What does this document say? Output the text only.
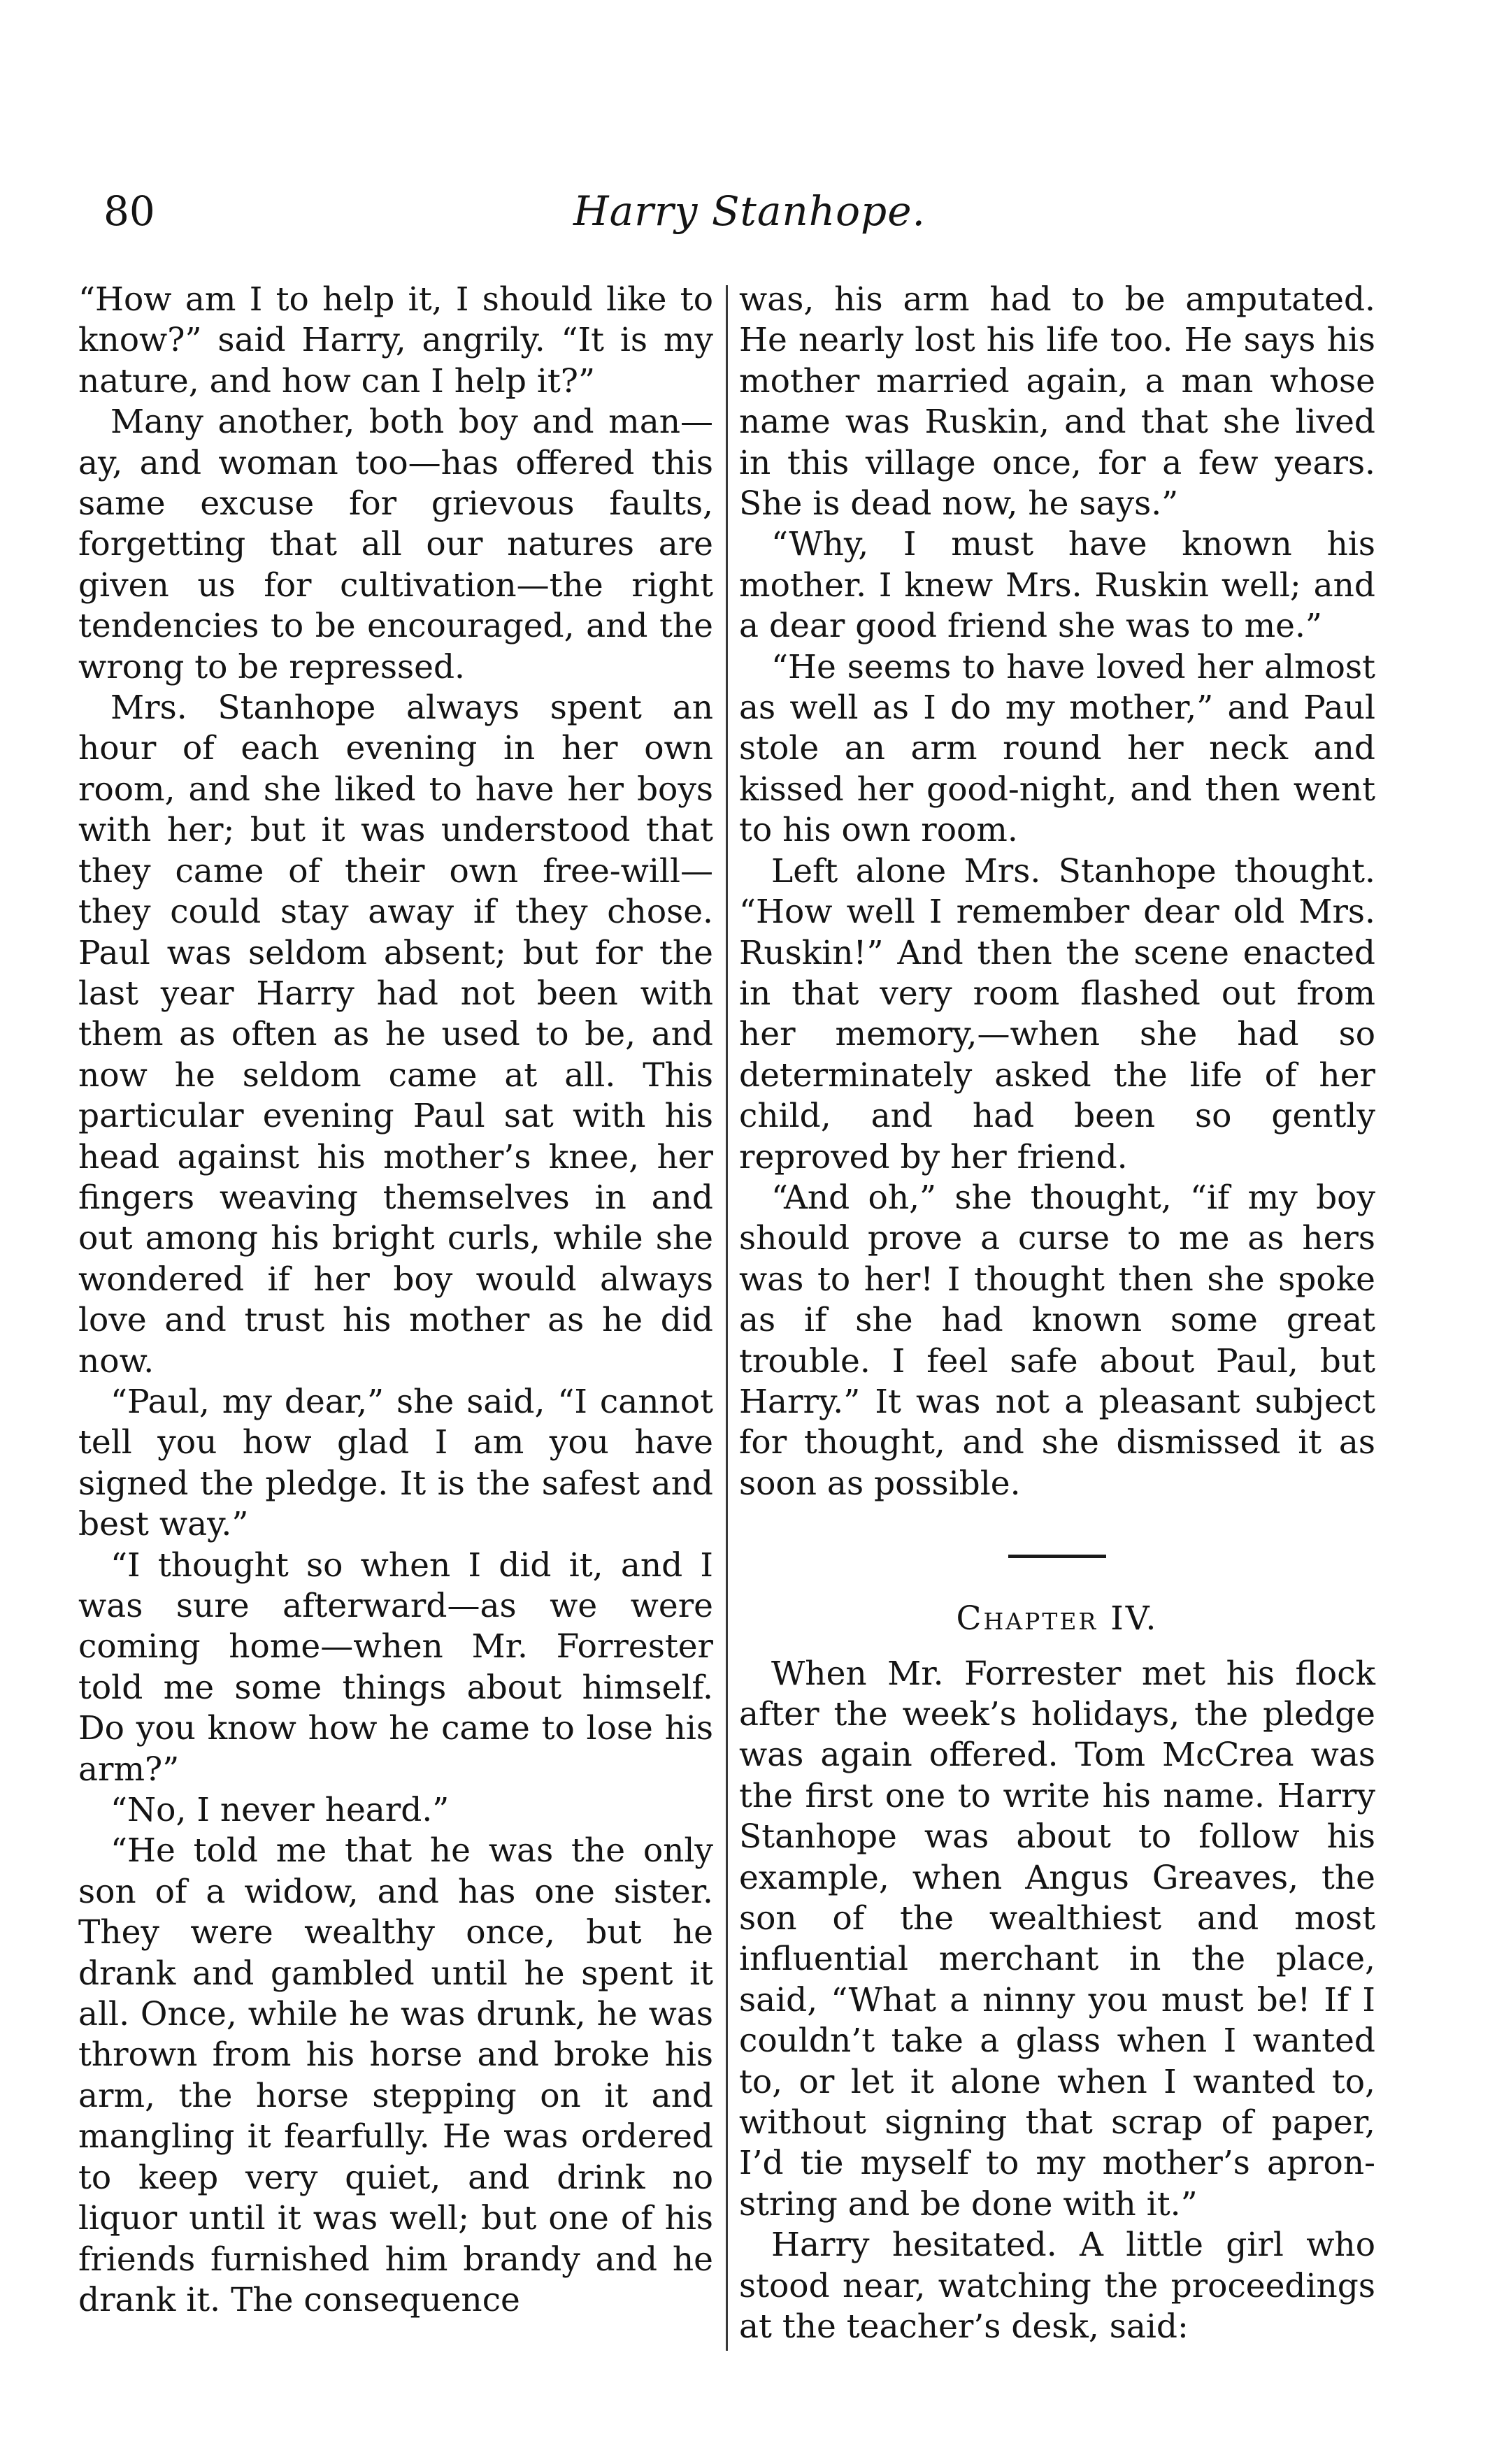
80	Harry Stanhope.

“How am I to help it, I should like to know?” said Harry, angrily. “It is my nature, and how can I help it?”

Many another, both boy and man—ay, and woman too—has offered this same excuse for grievous faults, forgetting that all our natures are given us for cultivation—the right tendencies to be encouraged, and the wrong to be repressed.

Mrs. Stanhope always spent an hour of each evening in her own room, and she liked to have her boys with her; but it was understood that they came of their own free-will—they could stay away if they chose. Paul was seldom absent; but for the last year Harry had not been with them as often as he used to be, and now he seldom came at all. This particular evening Paul sat with his head against his mother’s knee, her fingers weaving themselves in and out among his bright curls, while she wondered if her boy would always love and trust his mother as he did now.

“Paul, my dear,” she said, “I cannot tell you how glad I am you have signed the pledge. It is the safest and best way.”

“I thought so when I did it, and I was sure afterward—as we were coming home—when Mr. Forrester told me some things about himself. Do you know how he came to lose his arm?”

“No, I never heard.”

“He told me that he was the only son of a widow, and has one sister. They were wealthy once, but he drank and gambled until he spent it all. Once, while he was drunk, he was thrown from his horse and broke his arm, the horse stepping on it and mangling it fearfully. He was ordered to keep very quiet, and drink no liquor until it was well; but one of his friends furnished him brandy and he drank it. The consequence

was, his arm had to be amputated. He nearly lost his life too. He says his mother married again, a man whose name was Ruskin, and that she lived in this village once, for a few years. She is dead now, he says.”

“Why, I must have known his mother. I knew Mrs. Ruskin well; and a dear good friend she was to me.”

“He seems to have loved her almost as well as I do my mother,” and Paul stole an arm round her neck and kissed her good-night, and then went to his own room.

Left alone Mrs. Stanhope thought. “How well I remember dear old Mrs. Ruskin!” And then the scene enacted in that very room flashed out from her memory,—when she had so determinately asked the life of her child, and had been so gently reproved by her friend.

“And oh,” she thought, “if my boy should prove a curse to me as hers was to her! I thought then she spoke as if she had known some great trouble. I feel safe about Paul, but Harry.” It was not a pleasant subject for thought, and she dismissed it as soon as possible.

Chapter IV.

When Mr. Forrester met his flock after the week’s holidays, the pledge was again offered. Tom McCrea was the first one to write his name. Harry Stanhope was about to follow his example, when Angus Greaves, the son of the wealthiest and most influential merchant in the place, said, “What a ninny you must be! If I couldn’t take a glass when I wanted to, or let it alone when I wanted to, without signing that scrap of paper, I’d tie myself to my mother’s apron-string and be done with it.”

Harry hesitated. A little girl who stood near, watching the proceedings at the teacher’s desk, said:
